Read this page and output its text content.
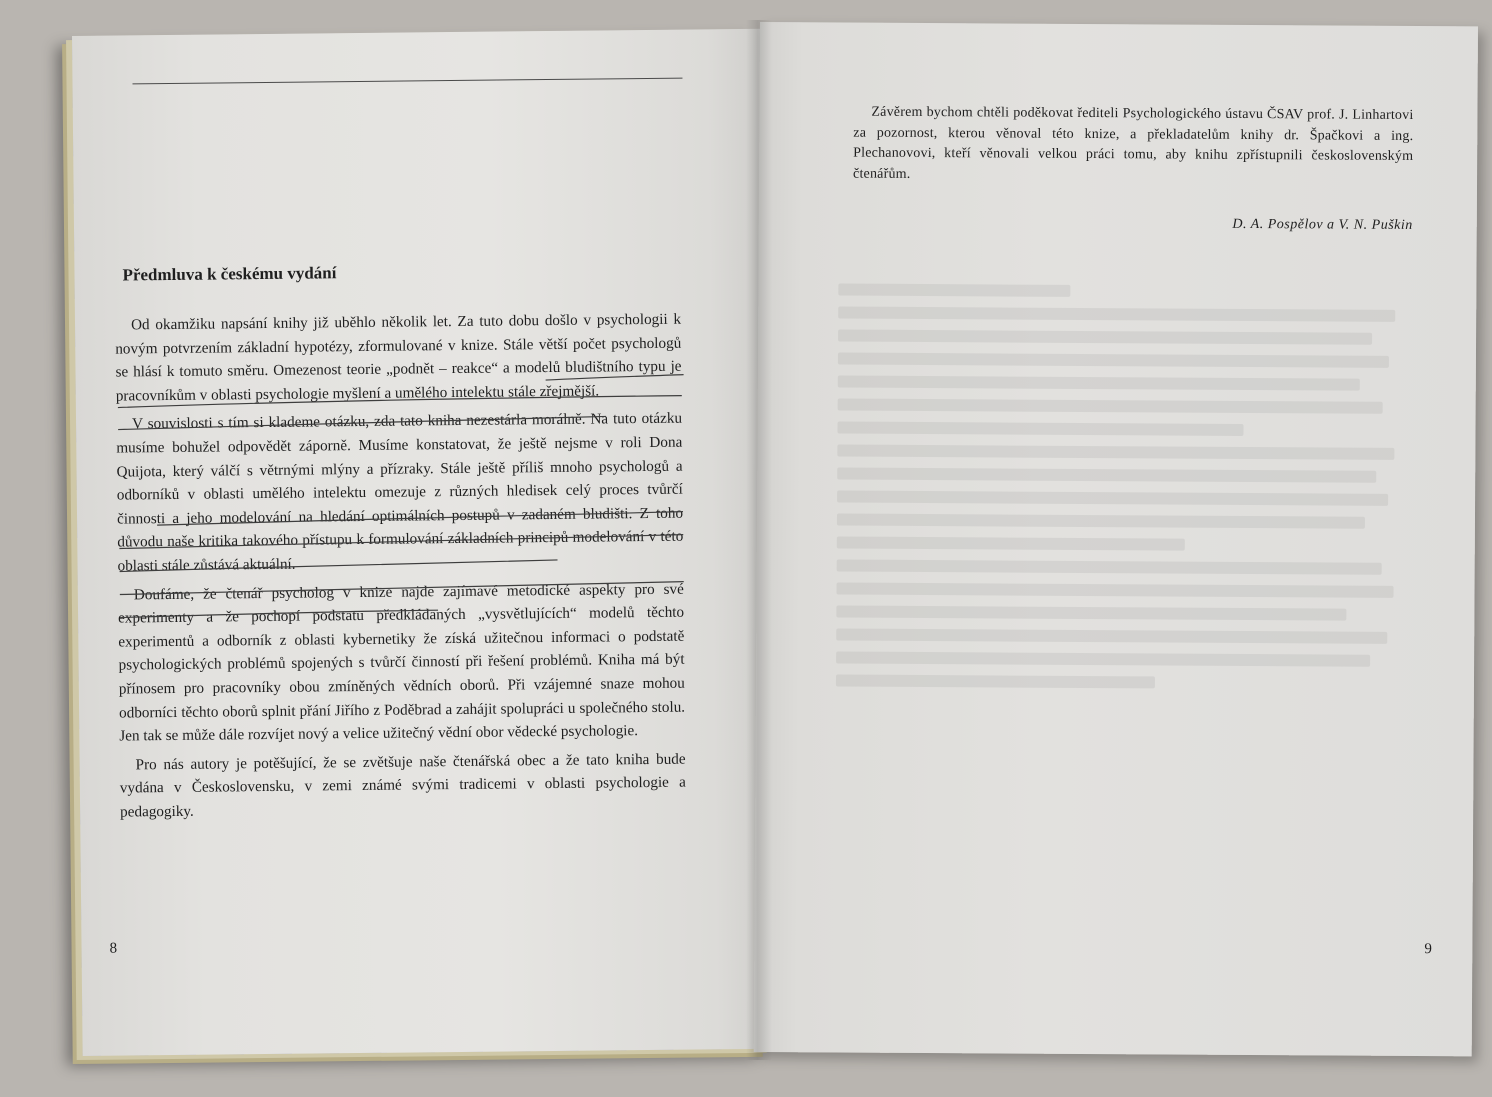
Předmluva k českému vydání

Od okamžiku napsání knihy již uběhlo několik let. Za tuto dobu došlo v psychologii k novým potvrzením základní hypotézy, zformulované v knize. Stále větší počet psychologů se hlásí k tomuto směru. Omezenost teorie „podnět – reakce“ a modelů bludištního typu je pracovníkům v oblasti psychologie myšlení a umělého intelektu stále zřejmější.

V souvislosti s tím si klademe otázku, zda tato kniha nezestárla morálně. Na tuto otázku musíme bohužel odpovědět záporně. Musíme konstatovat, že ještě nejsme v roli Dona Quijota, který válčí s větrnými mlýny a přízraky. Stále ještě příliš mnoho psychologů a odborníků v oblasti umělého intelektu omezuje z různých hledisek celý proces tvůrčí činnosti a jeho modelování na hledání optimálních postupů v zadaném bludišti. Z toho důvodu naše kritika takového přístupu k formulování základních principů modelování v této oblasti stále zůstává aktuální.

Doufáme, že čtenář psycholog v knize najde zajímavé metodické aspekty pro své experimenty a že pochopí podstatu předkládaných „vysvětlujících“ modelů těchto experimentů a odborník z oblasti kybernetiky že získá užitečnou informaci o podstatě psychologických problémů spojených s tvůrčí činností při řešení problémů. Kniha má být přínosem pro pracovníky obou zmíněných vědních oborů. Při vzájemné snaze mohou odborníci těchto oborů splnit přání Jiřího z Poděbrad a zahájit spolupráci u společného stolu. Jen tak se může dále rozvíjet nový a velice užitečný vědní obor vědecké psychologie.

Pro nás autory je potěšující, že se zvětšuje naše čtenářská obec a že tato kniha bude vydána v Československu, v zemi známé svými tradicemi v oblasti psychologie a pedagogiky.

8

Závěrem bychom chtěli poděkovat řediteli Psychologického ústavu ČSAV prof. J. Linhartovi za pozornost, kterou věnoval této knize, a překladatelům knihy dr. Špačkovi a ing. Plechanovovi, kteří věnovali velkou práci tomu, aby knihu zpřístupnili československým čtenářům.

D. A. Pospělov a V. N. Puškin
9
